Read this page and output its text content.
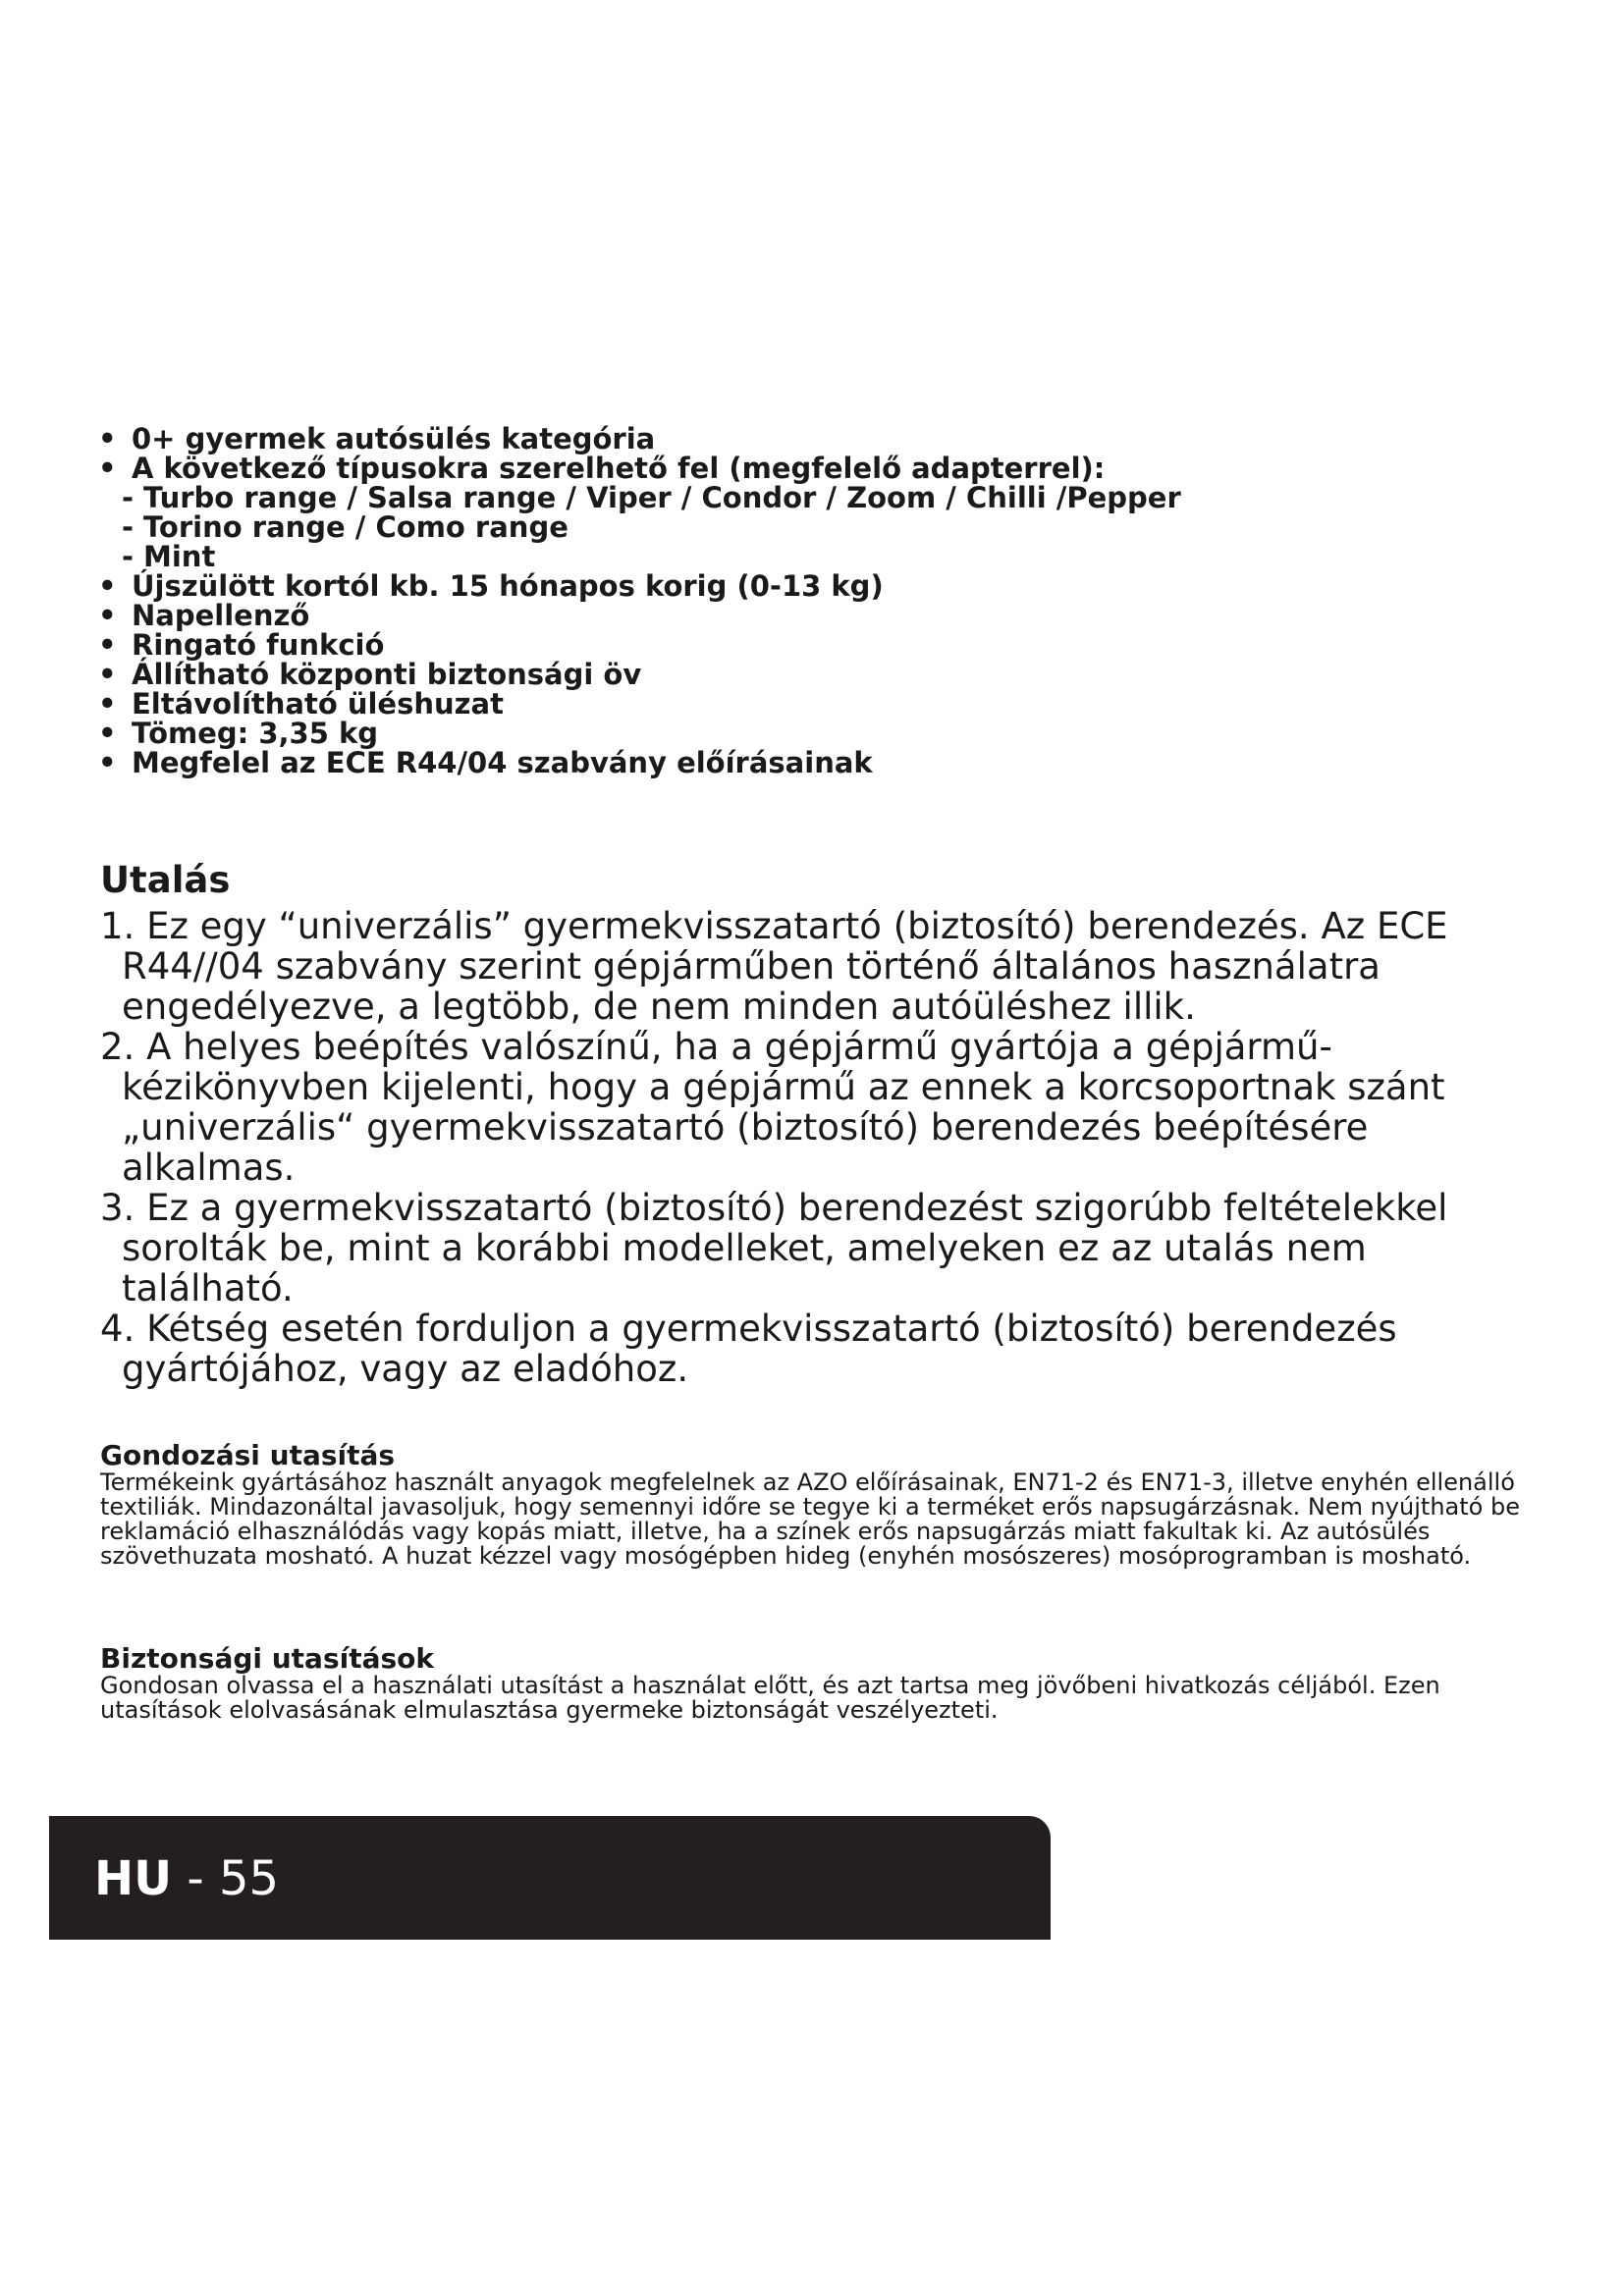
• 0+ gyermek autósülés kategória
• A következő típusokra szerelhető fel (megfelelő adapterrel):
- Turbo range / Salsa range / Viper / Condor / Zoom / Chilli /Pepper
- Torino range / Como range
- Mint
• Újszülött kortól kb. 15 hónapos korig (0-13 kg)
• Napellenző
• Ringató funkció
• Állítható központi biztonsági öv
• Eltávolítható üléshuzat
• Tömeg: 3,35 kg
• Megfelel az ECE R44/04 szabvány előírásainak
Utalás
1. Ez egy “univerzális” gyermekvisszatartó (biztosító) berendezés. Az ECE R44//04 szabvány szerint gépjárműben történő általános használatra engedélyezve, a legtöbb, de nem minden autóüléshez illik.
2. A helyes beépítés valószínű, ha a gépjármű gyártója a gépjármű-kézikönyvben kijelenti, hogy a gépjármű az ennek a korcsoportnak szánt „univerzális“ gyermekvisszatartó (biztosító) berendezés beépítésére alkalmas.
3. Ez a gyermekvisszatartó (biztosító) berendezést szigorúbb feltételekkel sorolták be, mint a korábbi modelleket, amelyeken ez az utalás nem található.
4. Kétség esetén forduljon a gyermekvisszatartó (biztosító) berendezés gyártójához, vagy az eladóhoz.
Gondozási utasítás

Termékeink gyártásához használt anyagok megfelelnek az AZO előírásainak, EN71-2 és EN71-3, illetve enyhén ellenálló textiliák. Mindazonáltal javasoljuk, hogy semennyi időre se tegye ki a terméket erős napsugárzásnak. Nem nyújtható be reklamáció elhasználódás vagy kopás miatt, illetve, ha a színek erős napsugárzás miatt fakultak ki. Az autósülés szövethuzata mosható. A huzat kézzel vagy mosógépben hideg (enyhén mosószeres) mosóprogramban is mosható.

Biztonsági utasítások

Gondosan olvassa el a használati utasítást a használat előtt, és azt tartsa meg jövőbeni hivatkozás céljából. Ezen utasítások elolvasásának elmulasztása gyermeke biztonságát veszélyezteti.

HU - 55
